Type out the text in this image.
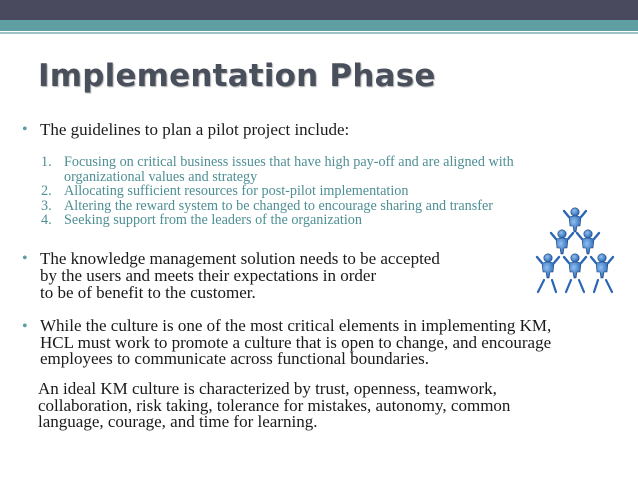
Implementation Phase
• The guidelines to plan a pilot project include:
1. Focusing on critical business issues that have high pay-off and are aligned with
organizational values and strategy
2. Allocating sufficient resources for post-pilot implementation
3. Altering the reward system to be changed to encourage sharing and transfer
4. Seeking support from the leaders of the organization
• The knowledge management solution needs to be accepted
by the users and meets their expectations in order
to be of benefit to the customer.
• While the culture is one of the most critical elements in implementing KM,
HCL must work to promote a culture that is open to change, and encourage
employees to communicate across functional boundaries.
An ideal KM culture is characterized by trust, openness, teamwork,
collaboration, risk taking, tolerance for mistakes, autonomy, common
language, courage, and time for learning.
